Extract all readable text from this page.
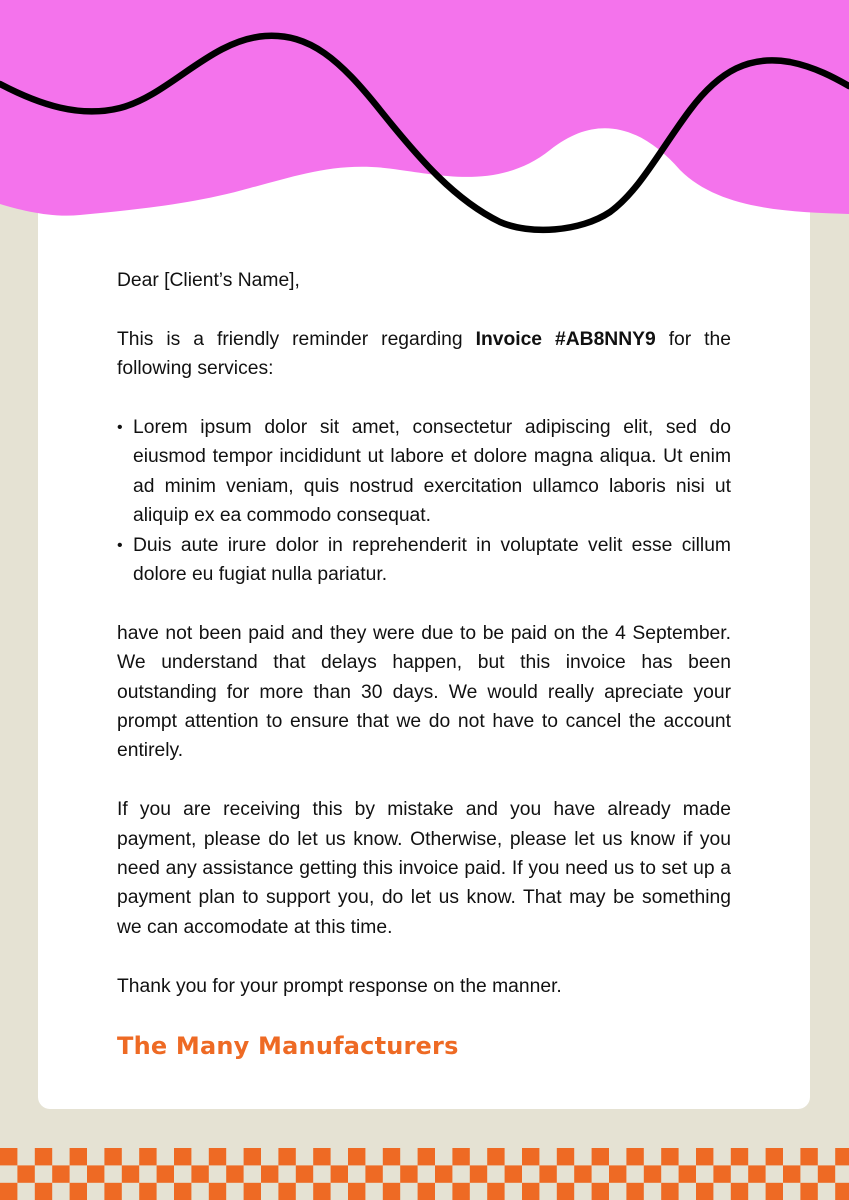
Dear [Client’s Name],

This is a friendly reminder regarding Invoice #AB8NNY9 for the following services:

• Lorem ipsum dolor sit amet, consectetur adipiscing elit, sed do eiusmod tempor incididunt ut labore et dolore magna aliqua. Ut enim ad minim veniam, quis nostrud exercitation ullamco laboris nisi ut aliquip ex ea commodo consequat.
• Duis aute irure dolor in reprehenderit in voluptate velit esse cillum dolore eu fugiat nulla pariatur.

have not been paid and they were due to be paid on the 4 September. We understand that delays happen, but this invoice has been outstanding for more than 30 days. We would really apreciate your prompt attention to ensure that we do not have to cancel the account entirely.

If you are receiving this by mistake and you have already made payment, please do let us know. Otherwise, please let us know if you need any assistance getting this invoice paid. If you need us to set up a payment plan to support you, do let us know. That may be something we can accomodate at this time.

Thank you for your prompt response on the manner.

The Many Manufacturers
